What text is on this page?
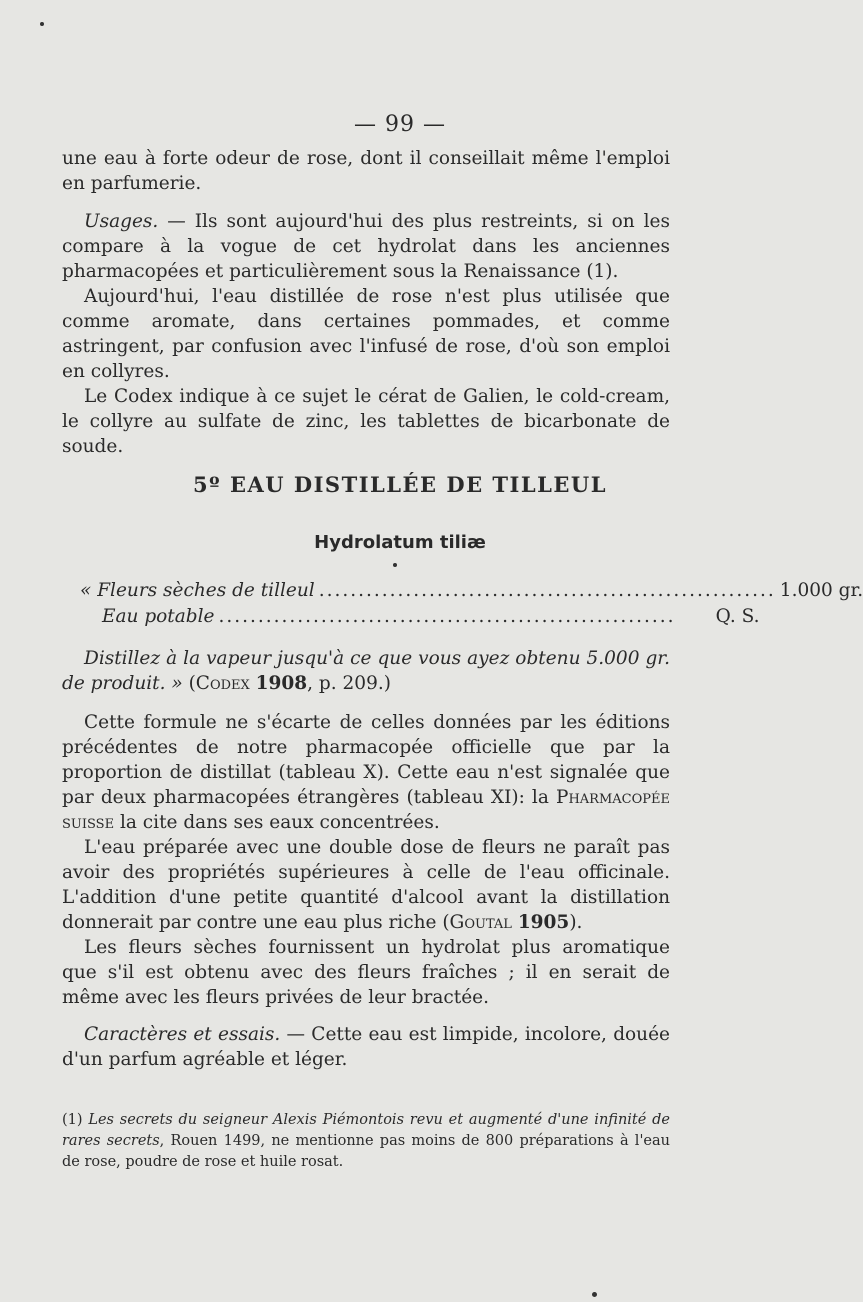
— 99 —

une eau à forte odeur de rose, dont il conseillait même l'emploi en parfumerie.

Usages. — Ils sont aujourd'hui des plus restreints, si on les compare à la vogue de cet hydrolat dans les anciennes pharmacopées et particulièrement sous la Renaissance (1).

Aujourd'hui, l'eau distillée de rose n'est plus utilisée que comme aromate, dans certaines pommades, et comme astringent, par confusion avec l'infusé de rose, d'où son emploi en collyres.

Le Codex indique à ce sujet le cérat de Galien, le cold-cream, le collyre au sulfate de zinc, les tablettes de bicarbonate de soude.

5º EAU DISTILLÉE DE TILLEUL
Hydrolatum tiliæ
« Fleurs sèches de tilleul .......................................................... 1.000 gr.
Eau potable ..........................................................	Q. S.

Distillez à la vapeur jusqu'à ce que vous ayez obtenu 5.000 gr. de produit. » (Codex 1908, p. 209.)

Cette formule ne s'écarte de celles données par les éditions précédentes de notre pharmacopée officielle que par la proportion de distillat (tableau X). Cette eau n'est signalée que par deux pharmacopées étrangères (tableau XI): la Pharmacopée suisse la cite dans ses eaux concentrées.

L'eau préparée avec une double dose de fleurs ne paraît pas avoir des propriétés supérieures à celle de l'eau officinale. L'addition d'une petite quantité d'alcool avant la distillation donnerait par contre une eau plus riche (Goutal 1905).

Les fleurs sèches fournissent un hydrolat plus aromatique que s'il est obtenu avec des fleurs fraîches ; il en serait de même avec les fleurs privées de leur bractée.

Caractères et essais. — Cette eau est limpide, incolore, douée d'un parfum agréable et léger.

(1) Les secrets du seigneur Alexis Piémontois revu et augmenté d'une infinité de rares secrets, Rouen 1499, ne mentionne pas moins de 800 préparations à l'eau de rose, poudre de rose et huile rosat.
